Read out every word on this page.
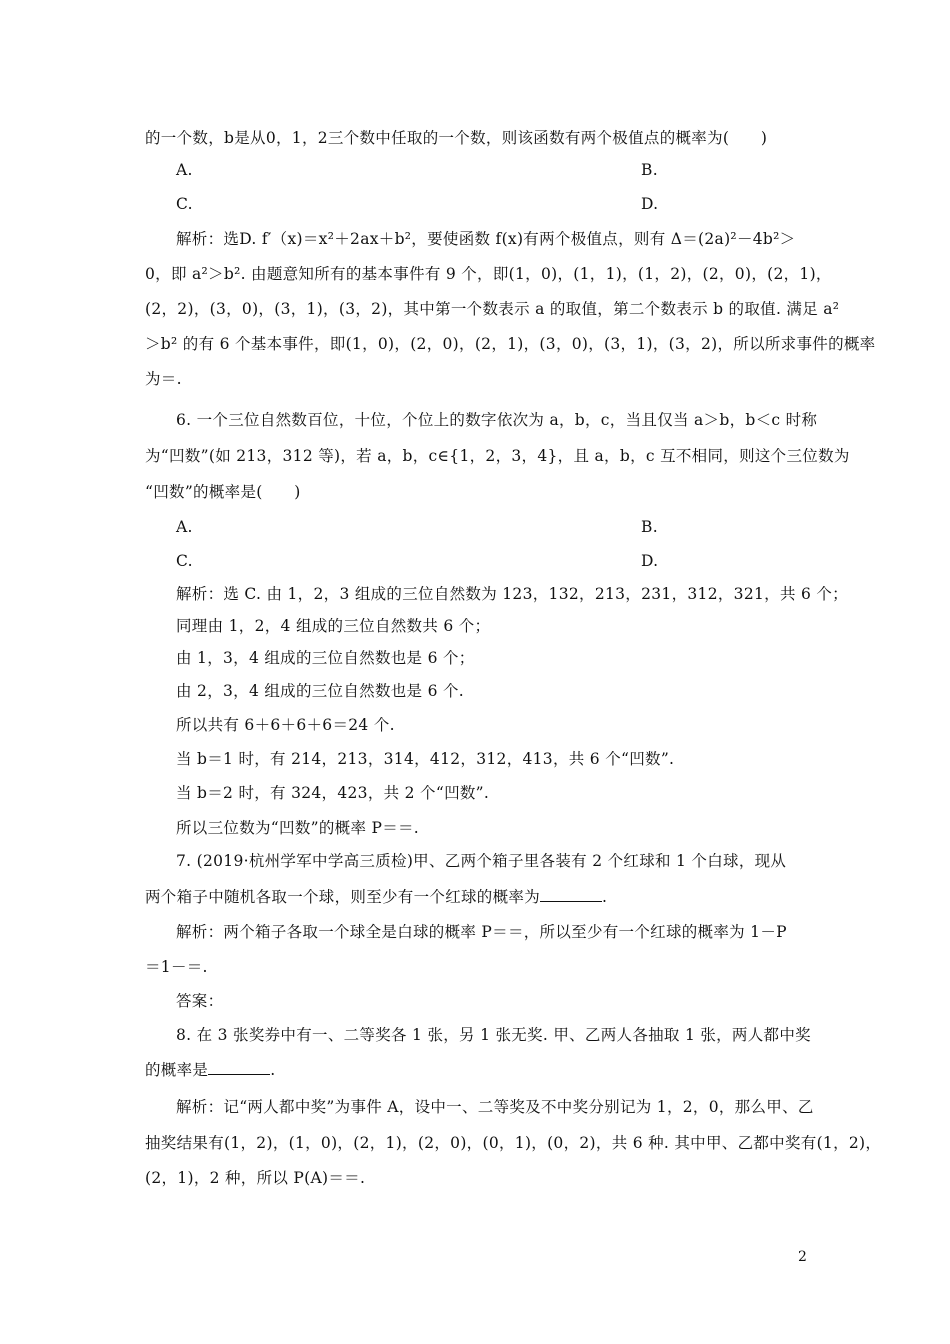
的一个数，b是从0，1，2三个数中任取的一个数，则该函数有两个极值点的概率为(　　)
A.	B.
C.	D.
解析：选D. f′（x)＝x²＋2ax＋b²，要使函数 f(x)有两个极值点，则有 Δ＝(2a)²－4b²＞
0，即 a²＞b². 由题意知所有的基本事件有 9 个，即(1，0)，(1，1)，(1，2)，(2，0)，(2，1)，
(2，2)，(3，0)，(3，1)，(3，2)，其中第一个数表示 a 的取值，第二个数表示 b 的取值. 满足 a²
＞b² 的有 6 个基本事件，即(1，0)，(2，0)，(2，1)，(3，0)，(3，1)，(3，2)，所以所求事件的概率
为＝.
6. 一个三位自然数百位，十位，个位上的数字依次为 a，b，c，当且仅当 a＞b，b＜c 时称
为“凹数”(如 213，312 等)，若 a，b，c∈{1，2，3，4}，且 a，b，c 互不相同，则这个三位数为
“凹数”的概率是(　　)
A.	B.
C.	D.
解析：选 C. 由 1，2，3 组成的三位自然数为 123，132，213，231，312，321，共 6 个；
同理由 1，2，4 组成的三位自然数共 6 个；
由 1，3，4 组成的三位自然数也是 6 个；
由 2，3，4 组成的三位自然数也是 6 个.
所以共有 6＋6＋6＋6＝24 个.
当 b＝1 时，有 214，213，314，412，312，413，共 6 个“凹数”.
当 b＝2 时，有 324，423，共 2 个“凹数”.
所以三位数为“凹数”的概率 P＝＝.
7. (2019·杭州学军中学高三质检)甲、乙两个箱子里各装有 2 个红球和 1 个白球，现从
两个箱子中随机各取一个球，则至少有一个红球的概率为	.
解析：两个箱子各取一个球全是白球的概率 P＝＝，所以至少有一个红球的概率为 1－P
＝1－＝.
答案：
8. 在 3 张奖券中有一、二等奖各 1 张，另 1 张无奖. 甲、乙两人各抽取 1 张，两人都中奖
的概率是	.
解析：记“两人都中奖”为事件 A，设中一、二等奖及不中奖分别记为 1，2，0，那么甲、乙
抽奖结果有(1，2)，(1，0)，(2，1)，(2，0)，(0，1)，(0，2)，共 6 种. 其中甲、乙都中奖有(1，2)，
(2，1)，2 种，所以 P(A)＝＝.
2
